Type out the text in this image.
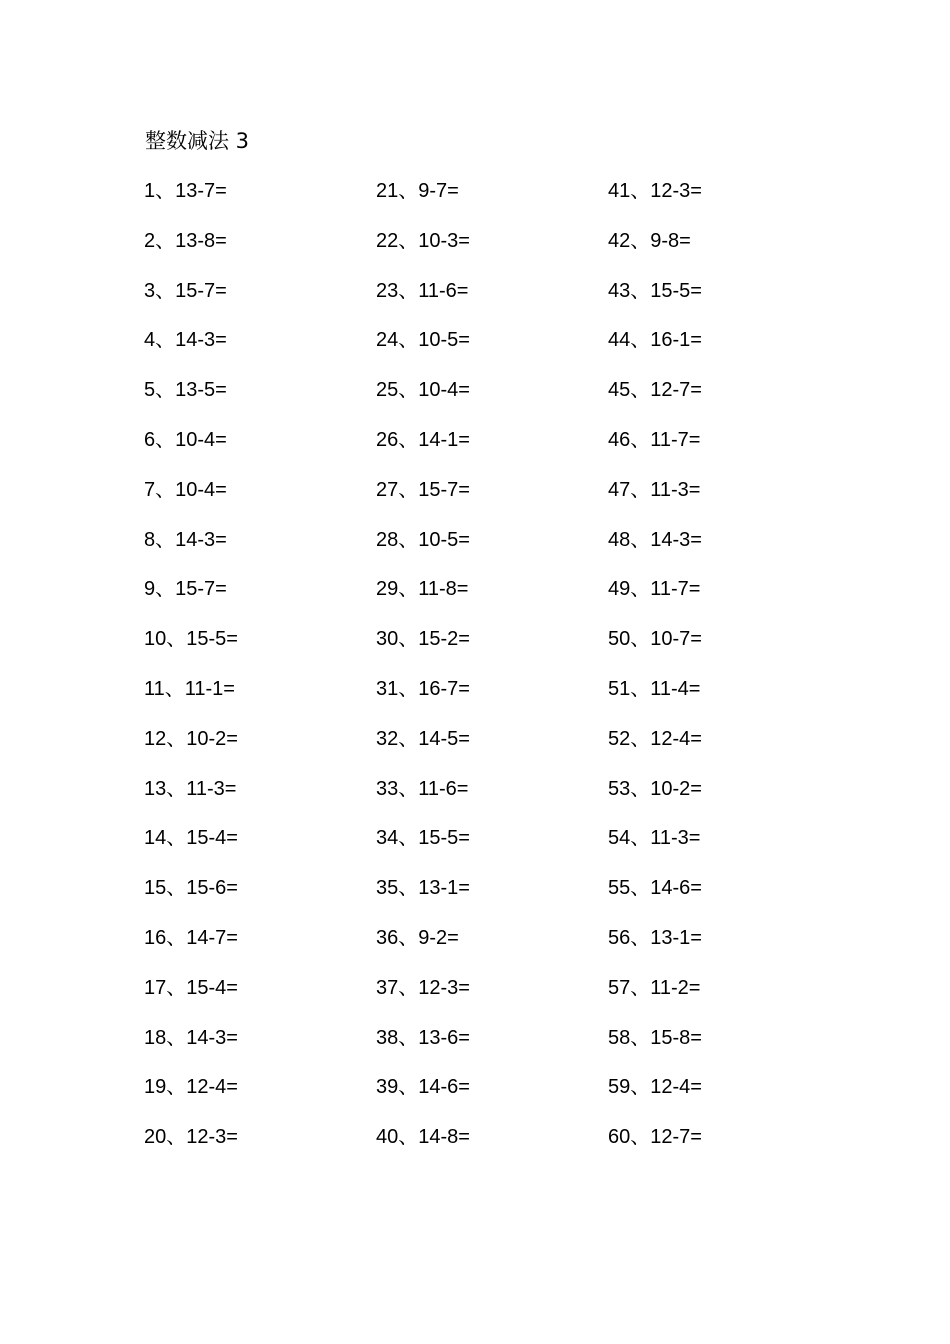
整数减法 3
1、13-7=
2、13-8=
3、15-7=
4、14-3=
5、13-5=
6、10-4=
7、10-4=
8、14-3=
9、15-7=
10、15-5=
11、11-1=
12、10-2=
13、11-3=
14、15-4=
15、15-6=
16、14-7=
17、15-4=
18、14-3=
19、12-4=
20、12-3=
21、9-7=
22、10-3=
23、11-6=
24、10-5=
25、10-4=
26、14-1=
27、15-7=
28、10-5=
29、11-8=
30、15-2=
31、16-7=
32、14-5=
33、11-6=
34、15-5=
35、13-1=
36、9-2=
37、12-3=
38、13-6=
39、14-6=
40、14-8=
41、12-3=
42、9-8=
43、15-5=
44、16-1=
45、12-7=
46、11-7=
47、11-3=
48、14-3=
49、11-7=
50、10-7=
51、11-4=
52、12-4=
53、10-2=
54、11-3=
55、14-6=
56、13-1=
57、11-2=
58、15-8=
59、12-4=
60、12-7=
